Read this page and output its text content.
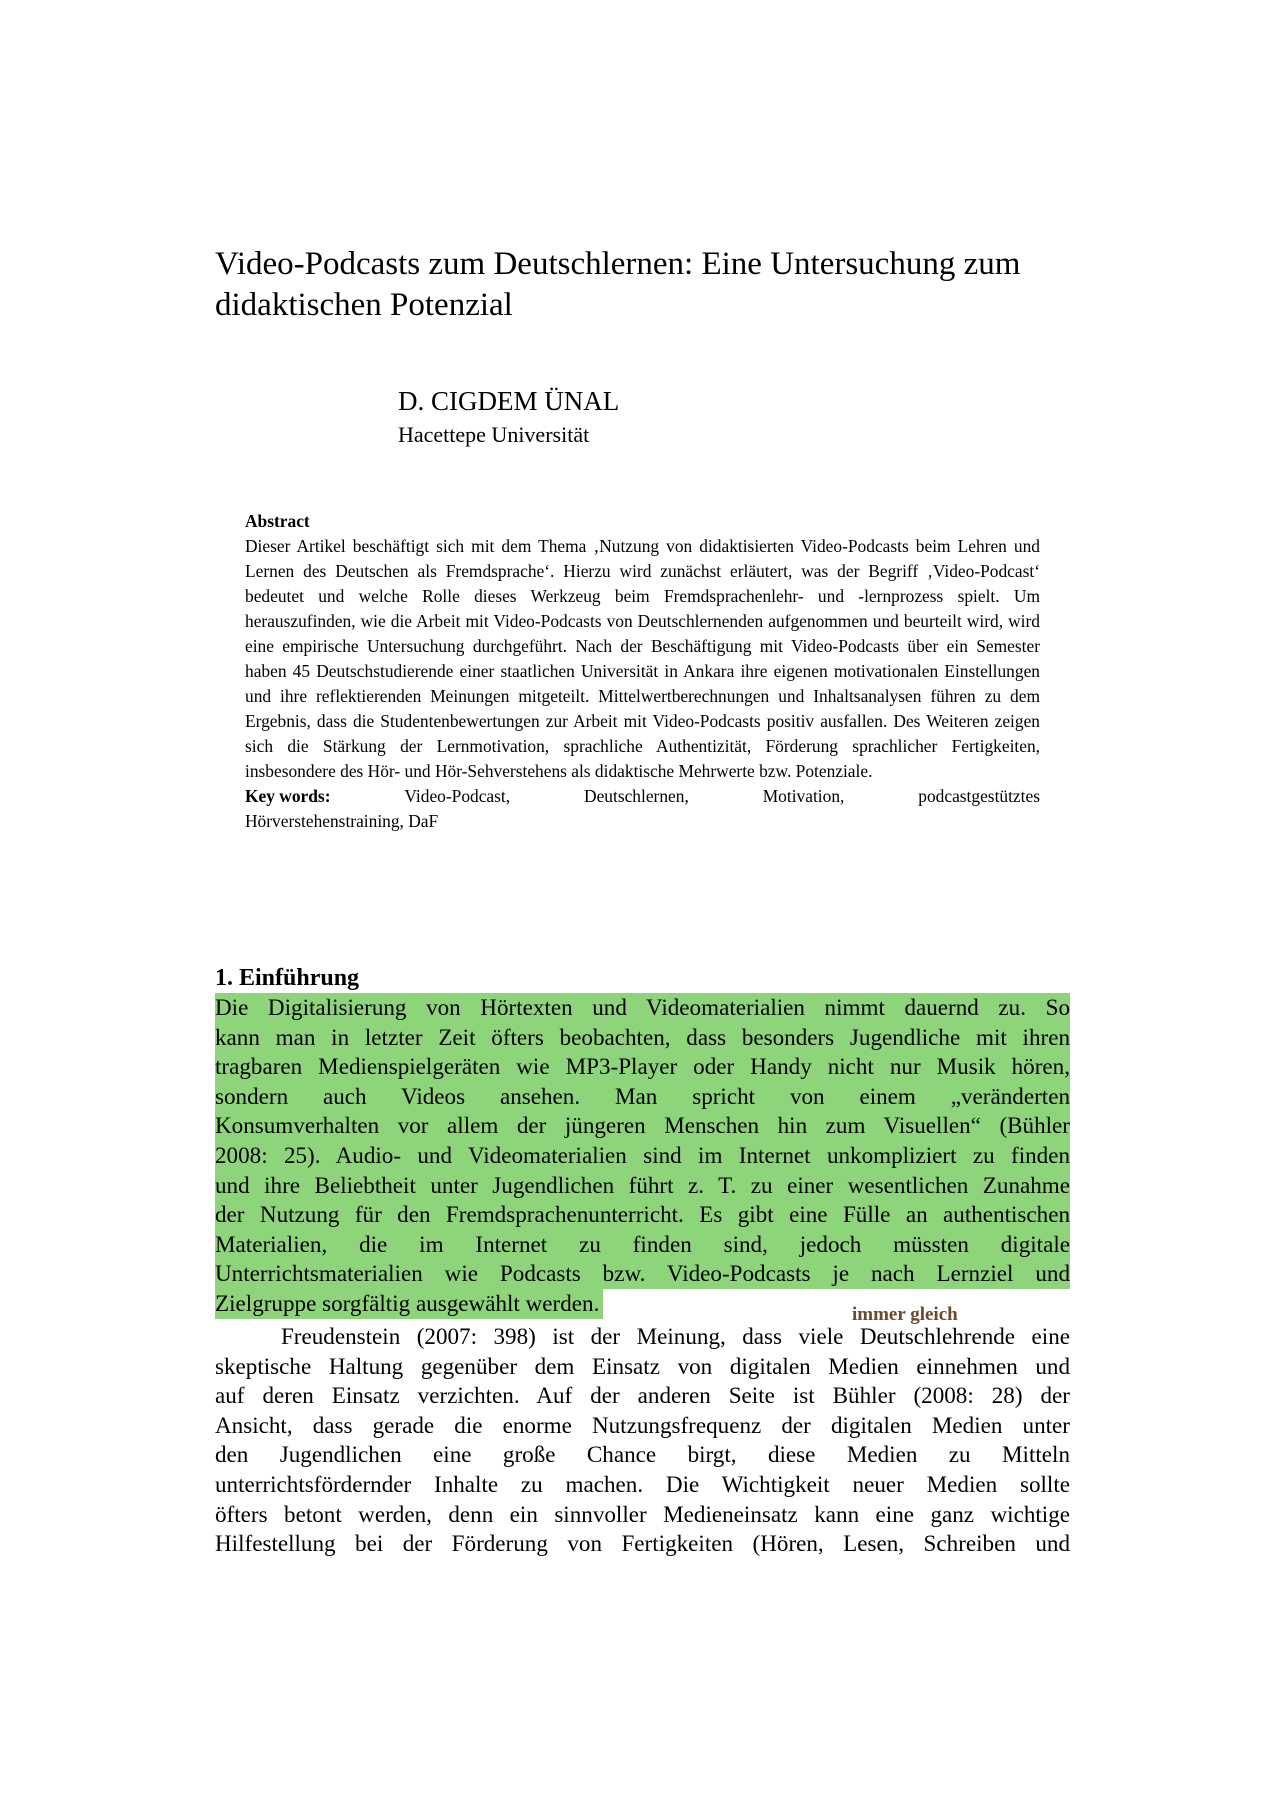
Video-Podcasts zum Deutschlernen: Eine Untersuchung zum didaktischen Potenzial
D. CIGDEM ÜNAL
Hacettepe Universität

Abstract

Dieser Artikel beschäftigt sich mit dem Thema ‚Nutzung von didaktisierten Video-Podcasts beim Lehren und Lernen des Deutschen als Fremdsprache‘. Hierzu wird zunächst erläutert, was der Begriff ‚Video-Podcast‘ bedeutet und welche Rolle dieses Werkzeug beim Fremdsprachenlehr- und -lernprozess spielt. Um herauszufinden, wie die Arbeit mit Video-Podcasts von Deutschlernenden aufgenommen und beurteilt wird, wird eine empirische Untersuchung durchgeführt. Nach der Beschäftigung mit Video-Podcasts über ein Semester haben 45 Deutschstudierende einer staatlichen Universität in Ankara ihre eigenen motivationalen Einstellungen und ihre reflektierenden Meinungen mitgeteilt. Mittelwertberechnungen und Inhaltsanalysen führen zu dem Ergebnis, dass die Studentenbewertungen zur Arbeit mit Video-Podcasts positiv ausfallen. Des Weiteren zeigen sich die Stärkung der Lernmotivation, sprachliche Authentizität, Förderung sprachlicher Fertigkeiten, insbesondere des Hör- und Hör-Sehverstehens als didaktische Mehrwerte bzw. Potenziale.

Key words:	Video-Podcast,	Deutschlernen,	Motivation,	podcastgestütztes

Hörverstehenstraining, DaF

1. Einführung

Die Digitalisierung von Hörtexten und Videomaterialien nimmt dauernd zu. So
kann man in letzter Zeit öfters beobachten, dass besonders Jugendliche mit ihren
tragbaren Medienspielgeräten wie MP3-Player oder Handy nicht nur Musik hören,
sondern auch Videos ansehen. Man spricht von einem „veränderten
Konsumverhalten vor allem der jüngeren Menschen hin zum Visuellen“ (Bühler
2008: 25). Audio- und Videomaterialien sind im Internet unkompliziert zu finden
und ihre Beliebtheit unter Jugendlichen führt z. T. zu einer wesentlichen Zunahme
der Nutzung für den Fremdsprachenunterricht. Es gibt eine Fülle an authentischen
Materialien, die im Internet zu finden sind, jedoch müssten digitale
Unterrichtsmaterialien wie Podcasts bzw. Video-Podcasts je nach Lernziel und
Zielgruppe sorgfältig ausgewählt werden.	immer gleich
Freudenstein (2007: 398) ist der Meinung, dass viele Deutschlehrende eine
skeptische Haltung gegenüber dem Einsatz von digitalen Medien einnehmen und
auf deren Einsatz verzichten. Auf der anderen Seite ist Bühler (2008: 28) der
Ansicht, dass gerade die enorme Nutzungsfrequenz der digitalen Medien unter
den Jugendlichen eine große Chance birgt, diese Medien zu Mitteln
unterrichtsfördernder Inhalte zu machen. Die Wichtigkeit neuer Medien sollte
öfters betont werden, denn ein sinnvoller Medieneinsatz kann eine ganz wichtige
Hilfestellung bei der Förderung von Fertigkeiten (Hören, Lesen, Schreiben und
